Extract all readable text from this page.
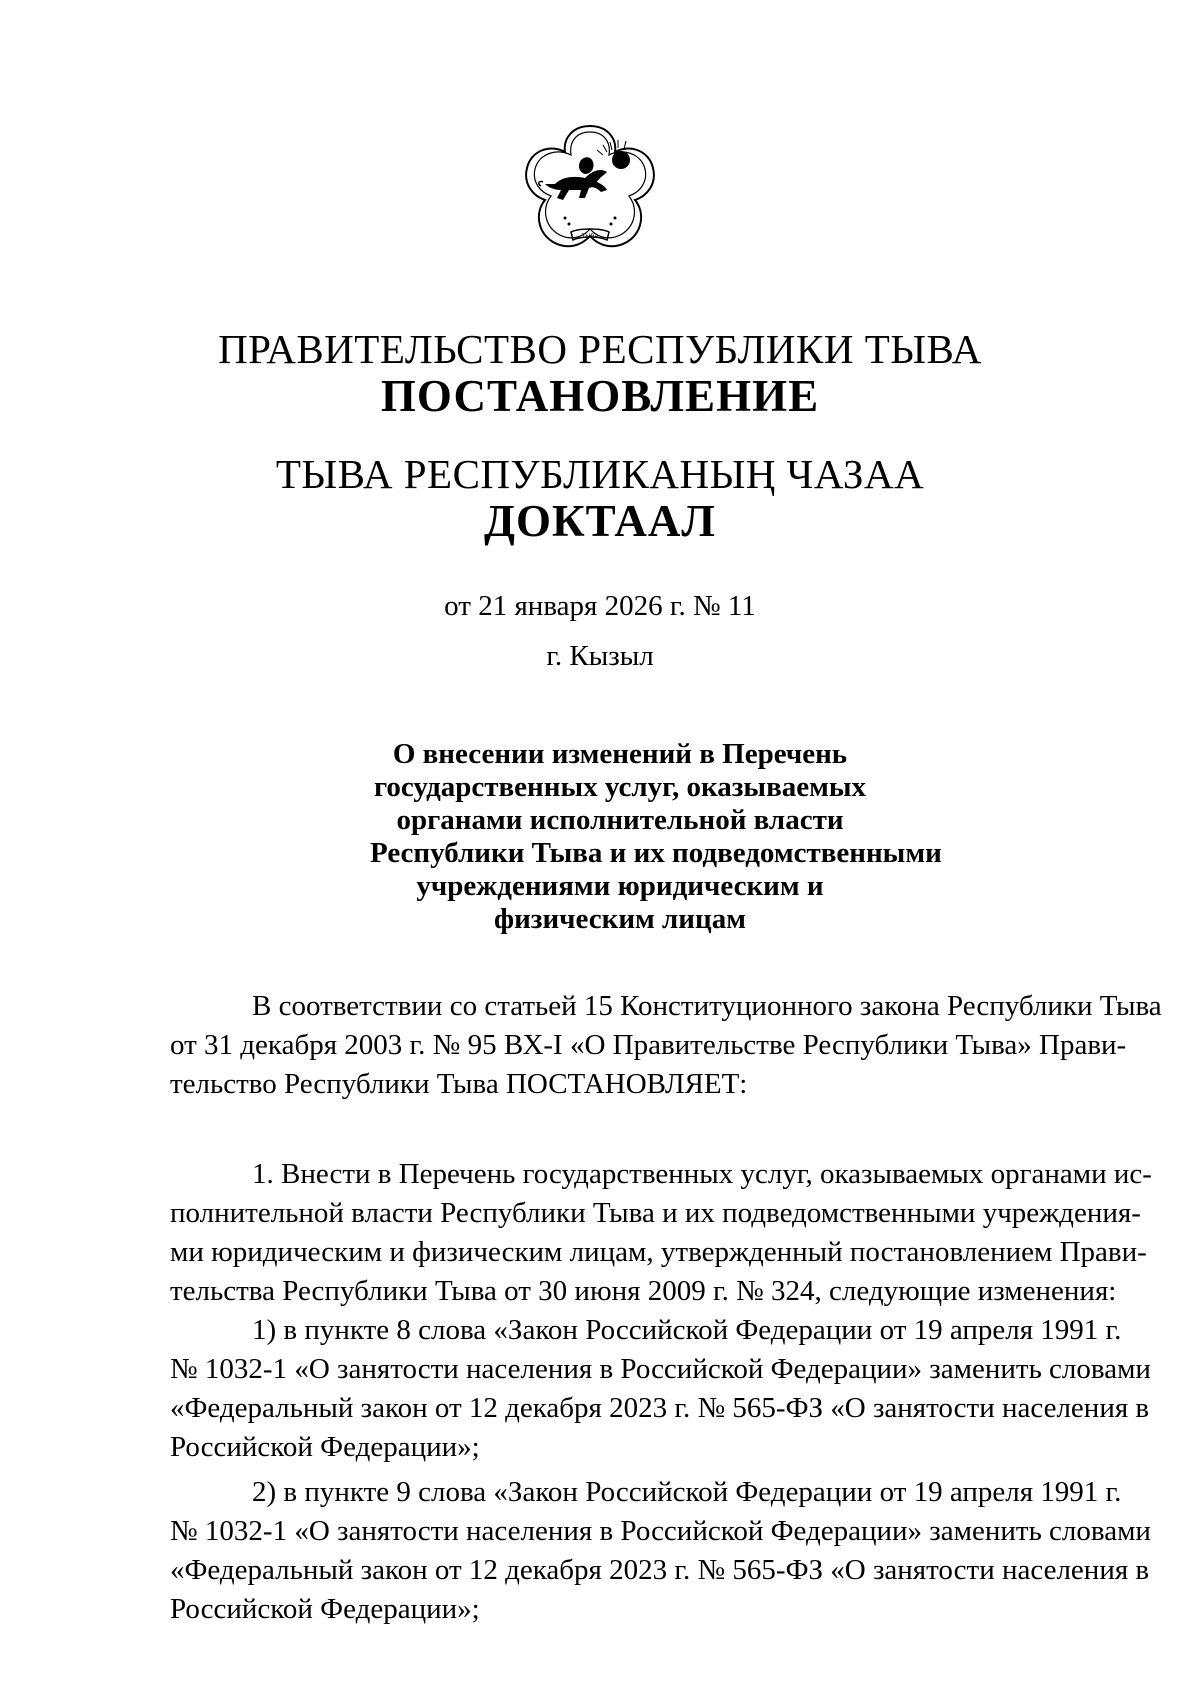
ТЫВА
ПРАВИТЕЛЬСТВО РЕСПУБЛИКИ ТЫВА
ПОСТАНОВЛЕНИЕ
ТЫВА РЕСПУБЛИКАНЫҢ ЧАЗАА
ДОКТААЛ
от 21 января 2026 г. № 11
г. Кызыл
О внесении изменений в Перечень
государственных услуг, оказываемых
органами исполнительной власти
Республики Тыва и их подведомственными
учреждениями юридическим и
физическим лицам
В соответствии со статьей 15 Конституционного закона Республики Тыва
от 31 декабря 2003 г. № 95 ВХ-I «О Правительстве Республики Тыва» Прави-
тельство Республики Тыва ПОСТАНОВЛЯЕТ:
1. Внести в Перечень государственных услуг, оказываемых органами ис-
полнительной власти Республики Тыва и их подведомственными учреждения-
ми юридическим и физическим лицам, утвержденный постановлением Прави-
тельства Республики Тыва от 30 июня 2009 г. № 324, следующие изменения:
1) в пункте 8 слова «Закон Российской Федерации от 19 апреля 1991 г.
№ 1032-1 «О занятости населения в Российской Федерации» заменить словами
«Федеральный закон от 12 декабря 2023 г. № 565-ФЗ «О занятости населения в
Российской Федерации»;
2) в пункте 9 слова «Закон Российской Федерации от 19 апреля 1991 г.
№ 1032-1 «О занятости населения в Российской Федерации» заменить словами
«Федеральный закон от 12 декабря 2023 г. № 565-ФЗ «О занятости населения в
Российской Федерации»;
